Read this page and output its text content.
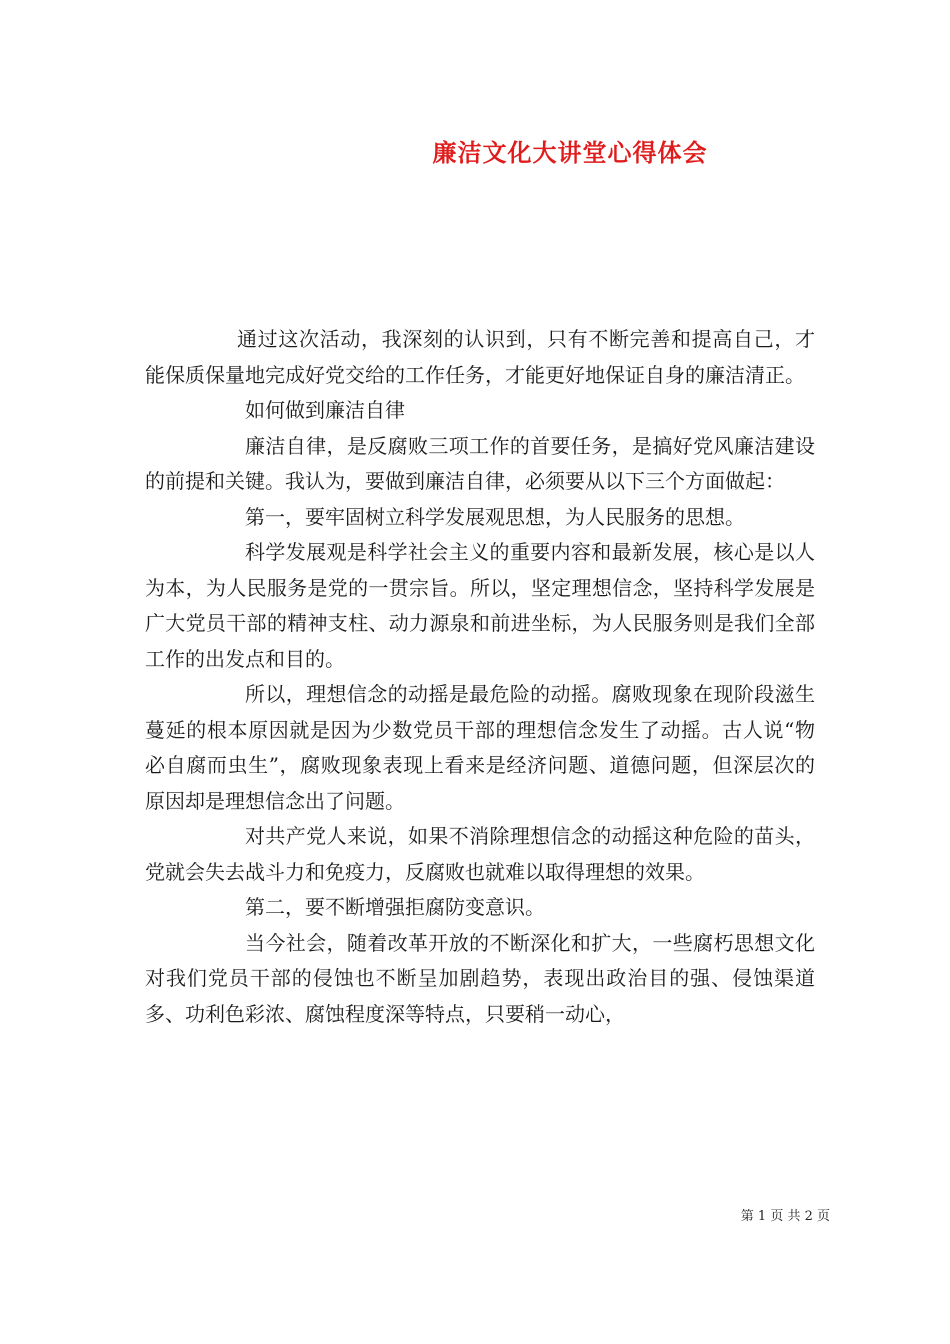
廉洁文化大讲堂心得体会

通过这次活动，我深刻的认识到，只有不断完善和提高自己，才能保质保量地完成好党交给的工作任务，才能更好地保证自身的廉洁清正。

如何做到廉洁自律

廉洁自律，是反腐败三项工作的首要任务，是搞好党风廉洁建设的前提和关键。我认为，要做到廉洁自律，必须要从以下三个方面做起：

第一，要牢固树立科学发展观思想，为人民服务的思想。

科学发展观是科学社会主义的重要内容和最新发展，核心是以人为本，为人民服务是党的一贯宗旨。所以，坚定理想信念，坚持科学发展是广大党员干部的精神支柱、动力源泉和前进坐标，为人民服务则是我们全部工作的出发点和目的。

所以，理想信念的动摇是最危险的动摇。腐败现象在现阶段滋生蔓延的根本原因就是因为少数党员干部的理想信念发生了动摇。古人说“物必自腐而虫生”，腐败现象表现上看来是经济问题、道德问题，但深层次的原因却是理想信念出了问题。

对共产党人来说，如果不消除理想信念的动摇这种危险的苗头，党就会失去战斗力和免疫力，反腐败也就难以取得理想的效果。

第二，要不断增强拒腐防变意识。

当今社会，随着改革开放的不断深化和扩大，一些腐朽思想文化对我们党员干部的侵蚀也不断呈加剧趋势，表现出政治目的强、侵蚀渠道多、功利色彩浓、腐蚀程度深等特点，只要稍一动心，

第 1 页 共 2 页
